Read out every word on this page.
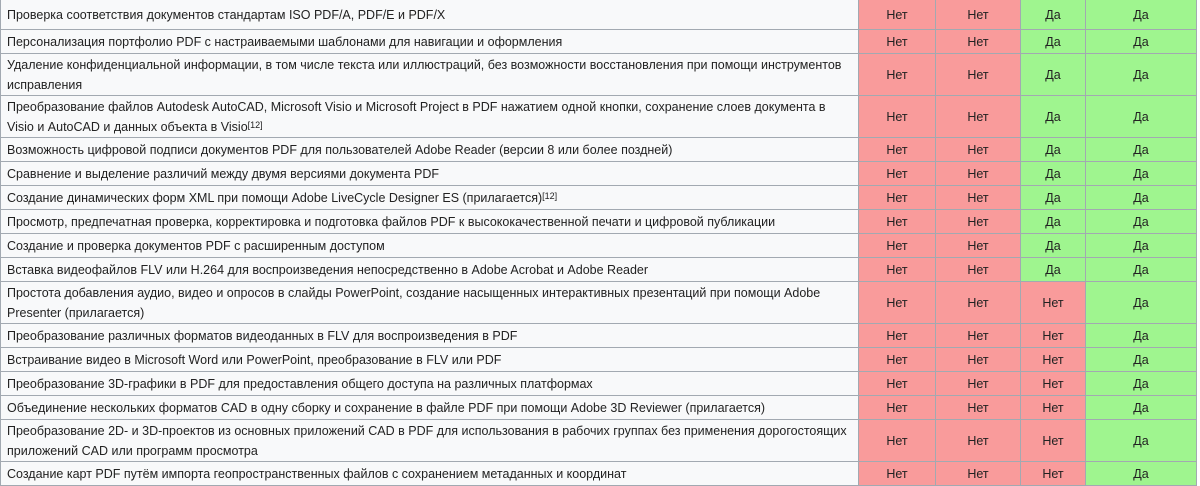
Проверка соответствия документов стандартам ISO PDF/A, PDF/E и PDF/X	Нет	Нет	Да	Да
Персонализация портфолио PDF с настраиваемыми шаблонами для навигации и оформления	Нет	Нет	Да	Да
Удаление конфиденциальной информации, в том числе текста или иллюстраций, без возможности восстановления при помощи инструментов исправления	Нет	Нет	Да	Да
Преобразование файлов Autodesk AutoCAD, Microsoft Visio и Microsoft Project в PDF нажатием одной кнопки, сохранение слоев документа в Visio и AutoCAD и данных объекта в Visio[12]	Нет	Нет	Да	Да
Возможность цифровой подписи документов PDF для пользователей Adobe Reader (версии 8 или более поздней)	Нет	Нет	Да	Да
Сравнение и выделение различий между двумя версиями документа PDF	Нет	Нет	Да	Да
Создание динамических форм XML при помощи Adobe LiveCycle Designer ES (прилагается)[12]	Нет	Нет	Да	Да
Просмотр, предпечатная проверка, корректировка и подготовка файлов PDF к высококачественной печати и цифровой публикации	Нет	Нет	Да	Да
Создание и проверка документов PDF с расширенным доступом	Нет	Нет	Да	Да
Вставка видеофайлов FLV или H.264 для воспроизведения непосредственно в Adobe Acrobat и Adobe Reader	Нет	Нет	Да	Да
Простота добавления аудио, видео и опросов в слайды PowerPoint, создание насыщенных интерактивных презентаций при помощи Adobe Presenter (прилагается)	Нет	Нет	Нет	Да
Преобразование различных форматов видеоданных в FLV для воспроизведения в PDF	Нет	Нет	Нет	Да
Встраивание видео в Microsoft Word или PowerPoint, преобразование в FLV или PDF	Нет	Нет	Нет	Да
Преобразование 3D-графики в PDF для предоставления общего доступа на различных платформах	Нет	Нет	Нет	Да
Объединение нескольких форматов CAD в одну сборку и сохранение в файле PDF при помощи Adobe 3D Reviewer (прилагается)	Нет	Нет	Нет	Да
Преобразование 2D- и 3D-проектов из основных приложений CAD в PDF для использования в рабочих группах без применения дорогостоящих приложений CAD или программ просмотра	Нет	Нет	Нет	Да
Создание карт PDF путём импорта геопространственных файлов с сохранением метаданных и координат	Нет	Нет	Нет	Да
